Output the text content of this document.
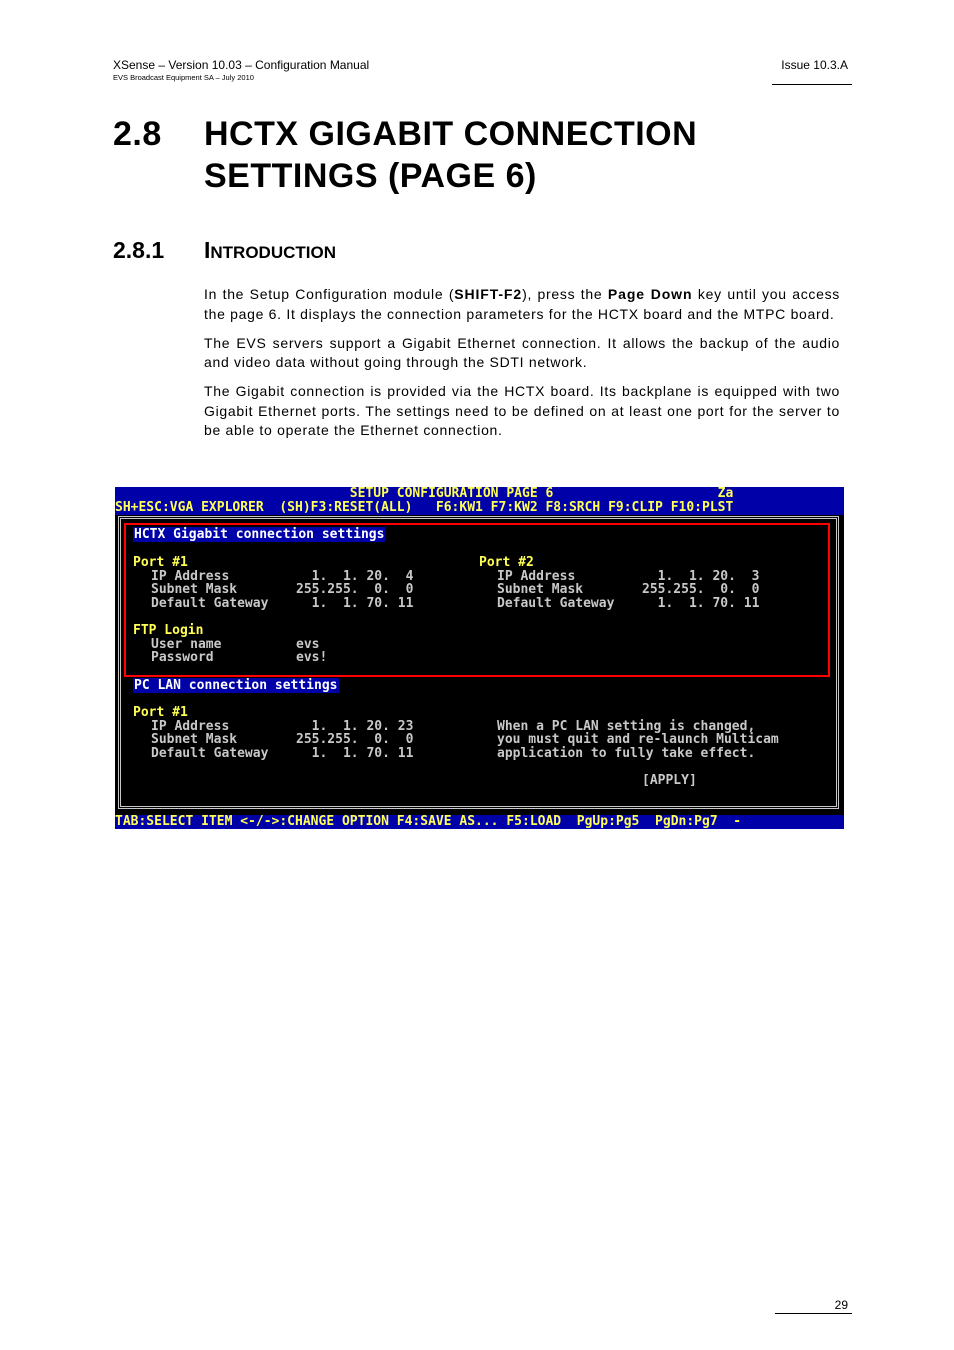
XSense – Version 10.03 – Configuration Manual
EVS Broadcast Equipment SA – July 2010
Issue 10.3.A
2.8 HCTX GIGABIT CONNECTION SETTINGS (PAGE 6)
2.8.1 INTRODUCTION

In the Setup Configuration module (SHIFT-F2), press the Page Down key until you access the page 6. It displays the connection parameters for the HCTX board and the MTPC board.

The EVS servers support a Gigabit Ethernet connection. It allows the backup of the audio and video data without going through the SDTI network.

The Gigabit connection is provided via the HCTX board. Its backplane is equipped with two Gigabit Ethernet ports. The settings need to be defined on at least one port for the server to be able to operate the Ethernet connection.

SETUP CONFIGURATION PAGE 6                     Za
SH+ESC:VGA EXPLORER  (SH)F3:RESET(ALL)   F6:KW1 F7:KW2 F8:SRCH F9:CLIP F10:PLST
HCTX Gigabit connection settings
Port #1
IP Address	1.  1. 20.  4
Subnet Mask	255.255.  0.  0
Default Gateway 1.  1. 70. 11
Port #2
IP Address	1.  1. 20.  3
Subnet Mask	255.255.  0.  0
Default Gateway 1.  1. 70. 11
FTP Login
User name	evs
Password	evs!
PC LAN connection settings
Port #1
IP Address	1.  1. 20. 23
Subnet Mask	255.255.  0.  0
Default Gateway 1.  1. 70. 11
When a PC LAN setting is changed,
you must quit and re-launch Multicam
application to fully take effect.
[APPLY]
TAB:SELECT ITEM <-/->:CHANGE OPTION F4:SAVE AS... F5:LOAD  PgUp:Pg5  PgDn:Pg7  -
29
